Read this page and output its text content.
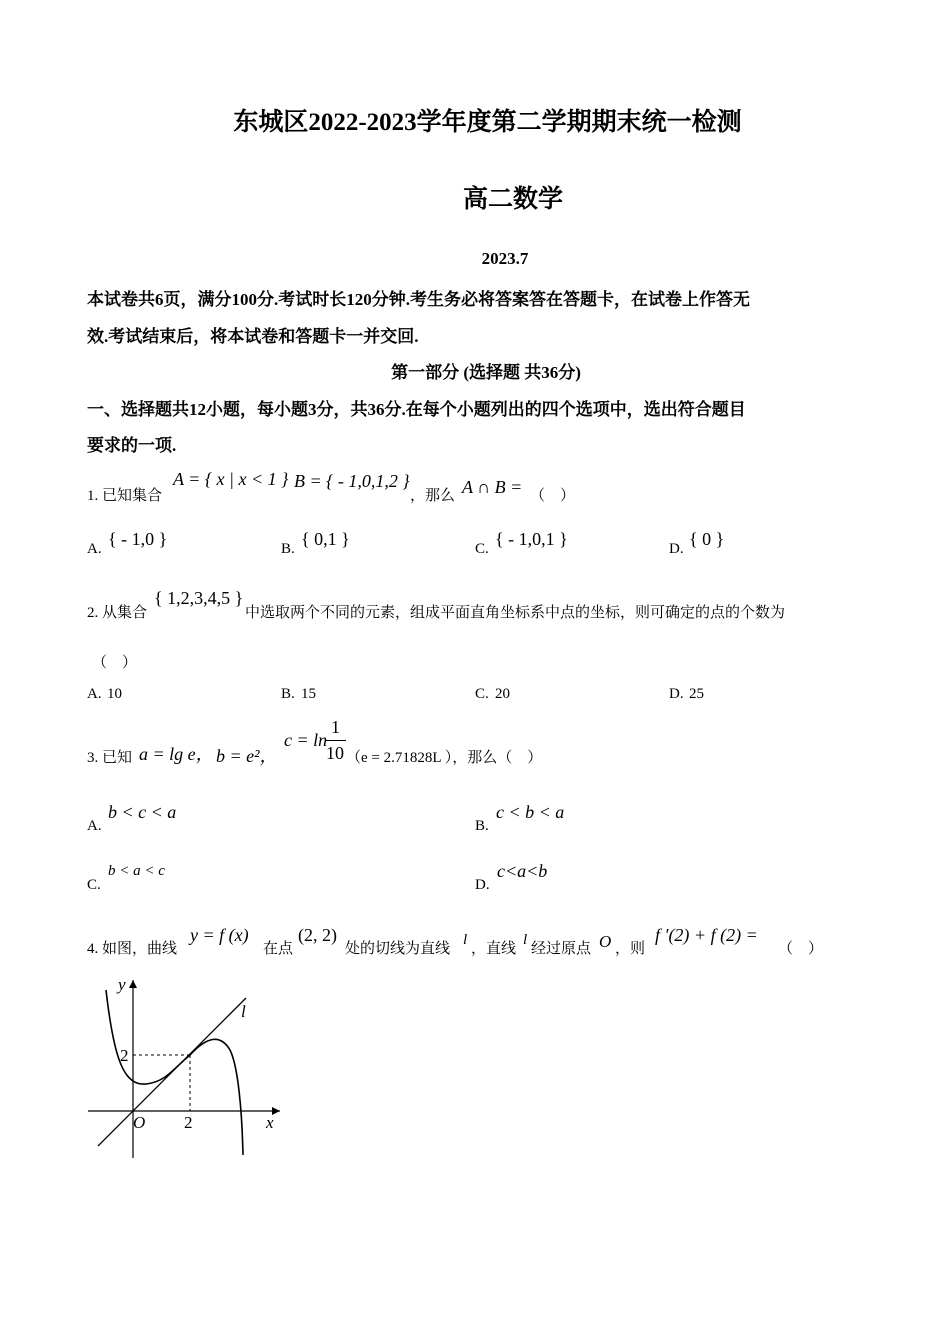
东城区2022-2023学年度第二学期期末统一检测
高二数学
2023.7
本试卷共6页，满分100分.考试时长120分钟.考生务必将答案答在答题卡，在试卷上作答无
效.考试结束后，将本试卷和答题卡一并交回.
第一部分 (选择题 共36分)
一、选择题共12小题，每小题3分，共36分.在每个小题列出的四个选项中，选出符合题目
要求的一项.
1. 已知集合
A = { x | x < 1 } B = { - 1,0,1,2 }
，那么 A ∩ B = （　）
A. { - 1,0 }	B. { 0,1 }	C. { - 1,0,1 }	D. { 0 }
2. 从集合
{ 1,2,3,4,5 }
中选取两个不同的元素，组成平面直角坐标系中点的坐标，则可确定的点的个数为
（　）
A. 10	B. 15	C. 20	D. 25
3. 已知 a = lg e， b = e²，
c = ln
1
10 （e = 2.71828L ），那么（　）
A.
b < c < a
B.
c < b < a
C.
b < a < c
D.
c<a<b
4. 如图，曲线
y = f (x)
在点
(2, 2)
处的切线为直线
l
，直线
l
经过原点 O ，则
f ′(2) + f (2) =
（　）
y
x
O 2
2
l
